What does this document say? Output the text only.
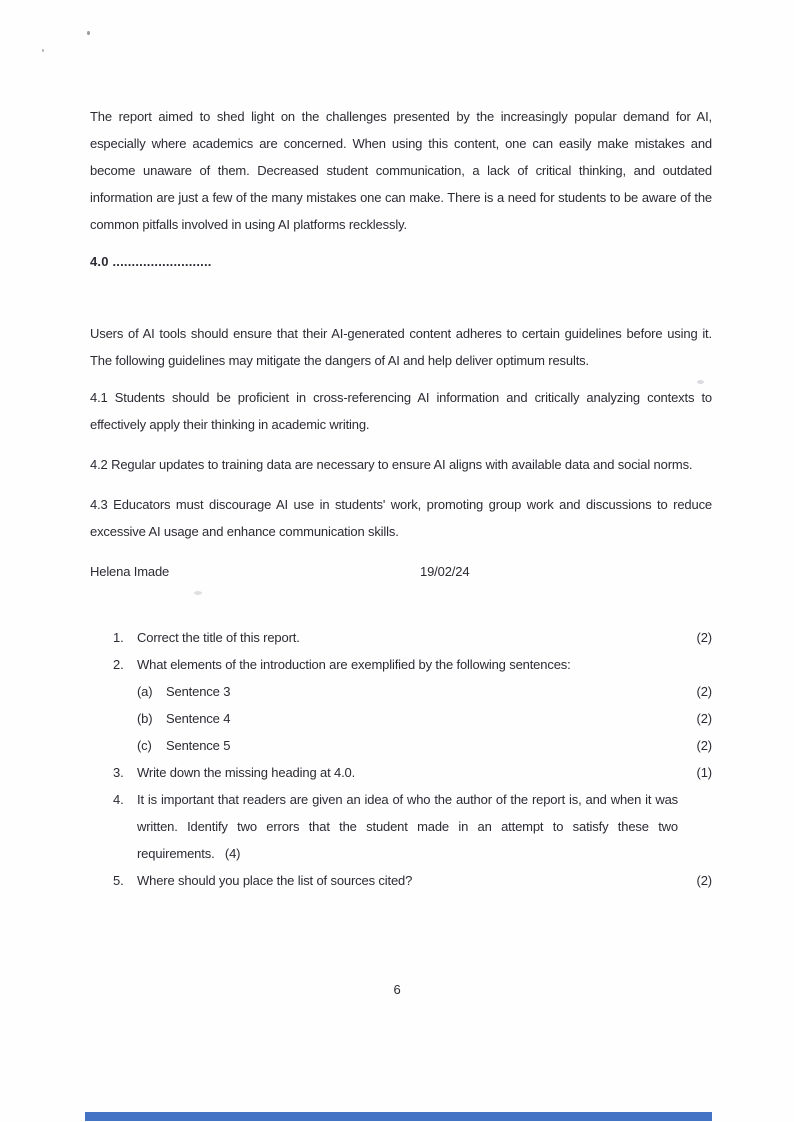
The report aimed to shed light on the challenges presented by the increasingly popular demand for AI, especially where academics are concerned. When using this content, one can easily make mistakes and become unaware of them. Decreased student communication, a lack of critical thinking, and outdated information are just a few of the many mistakes one can make. There is a need for students to be aware of the common pitfalls involved in using AI platforms recklessly.

4.0 ..........................

Users of AI tools should ensure that their AI-generated content adheres to certain guidelines before using it. The following guidelines may mitigate the dangers of AI and help deliver optimum results.

4.1 Students should be proficient in cross-referencing AI information and critically analyzing contexts to effectively apply their thinking in academic writing.

4.2 Regular updates to training data are necessary to ensure AI aligns with available data and social norms.

4.3 Educators must discourage AI use in students' work, promoting group work and discussions to reduce excessive AI usage and enhance communication skills.

Helena Imade	19/02/24
1.	Correct the title of this report.	(2)
2.	What elements of the introduction are exemplified by the following sentences:
(a)	Sentence 3	(2)
(b)	Sentence 4	(2)
(c)	Sentence 5	(2)
3.	Write down the missing heading at 4.0.	(1)
4.	It is important that readers are given an idea of who the author of the report is, and when it was written. Identify two errors that the student made in an attempt to satisfy these two requirements.   (4)
5.	Where should you place the list of sources cited?	(2)
6
